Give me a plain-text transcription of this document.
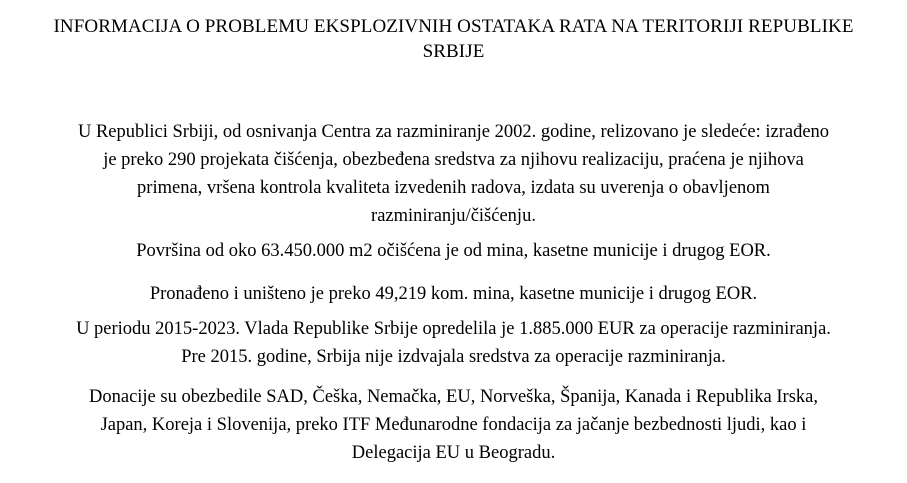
INFORMACIJA O PROBLEMU EKSPLOZIVNIH OSTATAKA RATA NA TERITORIJI REPUBLIKE
SRBIJE

U Republici Srbiji, od osnivanja Centra za razminiranje 2002. godine, relizovano je sledeće: izrađeno
je preko 290 projekata čišćenja, obezbeđena sredstva za njihovu realizaciju, praćena je njihova
primena, vršena kontrola kvaliteta izvedenih radova, izdata su uverenja o obavljenom
razminiranju/čišćenju.

Površina od oko 63.450.000 m2 očišćena je od mina, kasetne municije i drugog EOR.

Pronađeno i uništeno je preko 49,219 kom. mina, kasetne municije i drugog EOR.

U periodu 2015-2023. Vlada Republike Srbije opredelila je 1.885.000 EUR za operacije razminiranja.
Pre 2015. godine, Srbija nije izdvajala sredstva za operacije razminiranja.

Donacije su obezbedile SAD, Češka, Nemačka, EU, Norveška, Španija, Kanada i Republika Irska,
Japan, Koreja i Slovenija, preko ITF Međunarodne fondacija za jačanje bezbednosti ljudi, kao i
Delegacija EU u Beogradu.
